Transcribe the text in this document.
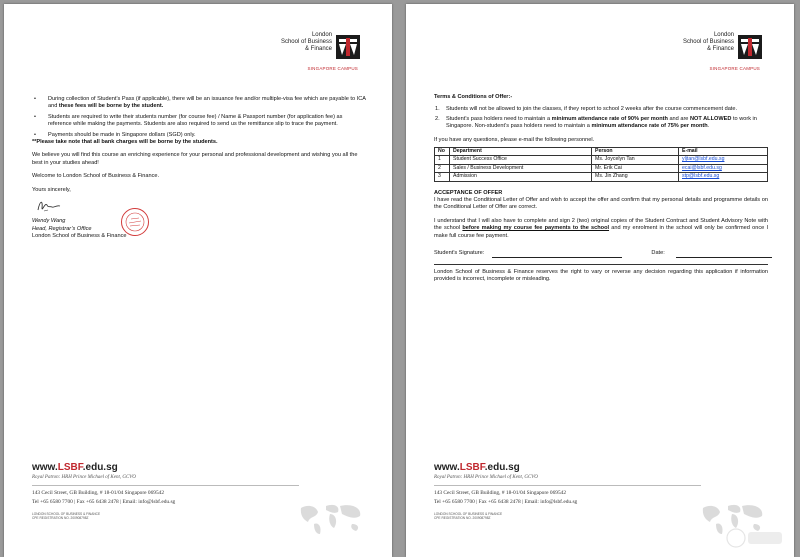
London
School of Business
& Finance
SINGAPORE CAMPUS
• During collection of Student’s Pass (if applicable), there will be an issuance fee and/or multiple-visa fee which are payable to ICA and these fees will be borne by the student.
• Students are required to write their students number (for course fee) / Name & Passport number (for application fee) as reference while making the payments. Students are also required to send us the remittance slip to trace the payment.
• Payments should be made in Singapore dollars (SGD) only.

**Please take note that all bank charges will be borne by the students.

We believe you will find this course an enriching experience for your personal and professional development and wishing you all the best in your studies ahead!

Welcome to London School of Business & Finance.

Yours sincerely,

Wendy Wang
Head, Registrar’s Office
London School of Business & Finance
www.LSBF.edu.sg
Royal Patron: HRH Prince Michael of Kent, GCVO
143 Cecil Street, GB Building, # 18-01/04 Singapore 069542
Tel +65 6580 7700 | Fax +65 6438 2478 | Email: info@lsbf.edu.sg
LONDON SCHOOL OF BUSINESS & FINANCE
CPE REGISTRATION NO. 200908798Z
London
School of Business
& Finance
SINGAPORE CAMPUS

Terms & Conditions of Offer:-

1. Students will not be allowed to join the classes, if they report to school 2 weeks after the course commencement date.
2. Student’s pass holders need to maintain a minimum attendance rate of 90% per month and are NOT ALLOWED to work in Singapore. Non-student’s pass holders need to maintain a minimum attendance rate of 75% per month.

If you have any questions, please e-mail the following personnel.

No	Department	Person	E-mail
1	Student Success Office	Ms. Joycelyn Tan	yljtan@lsbf.edu.sg
2	Sales / Business Development	Mr. Erik Cai	ecai@lsbf.edu.sg
3	Admission	Ms. Jin Zhang	stp@lsbf.edu.sg

ACCEPTANCE OF OFFER

I have read the Conditional Letter of Offer and wish to accept the offer and confirm that my personal details and programme details on the Conditional Letter of Offer are correct.

I understand that I will also have to complete and sign 2 (two) original copies of the Student Contract and Student Advisory Note with the school before making my course fee payments to the school and my enrolment in the school will only be confirmed once I make full course fee payment.

Student’s Signature:	Date:

London School of Business & Finance reserves the right to vary or reverse any decision regarding this application if information provided is incorrect, incomplete or misleading.

www.LSBF.edu.sg
Royal Patron: HRH Prince Michael of Kent, GCVO
143 Cecil Street, GB Building, # 18-01/04 Singapore 069542
Tel +65 6580 7700 | Fax +65 6438 2478 | Email: info@lsbf.edu.sg
LONDON SCHOOL OF BUSINESS & FINANCE
CPE REGISTRATION NO. 200908798Z
